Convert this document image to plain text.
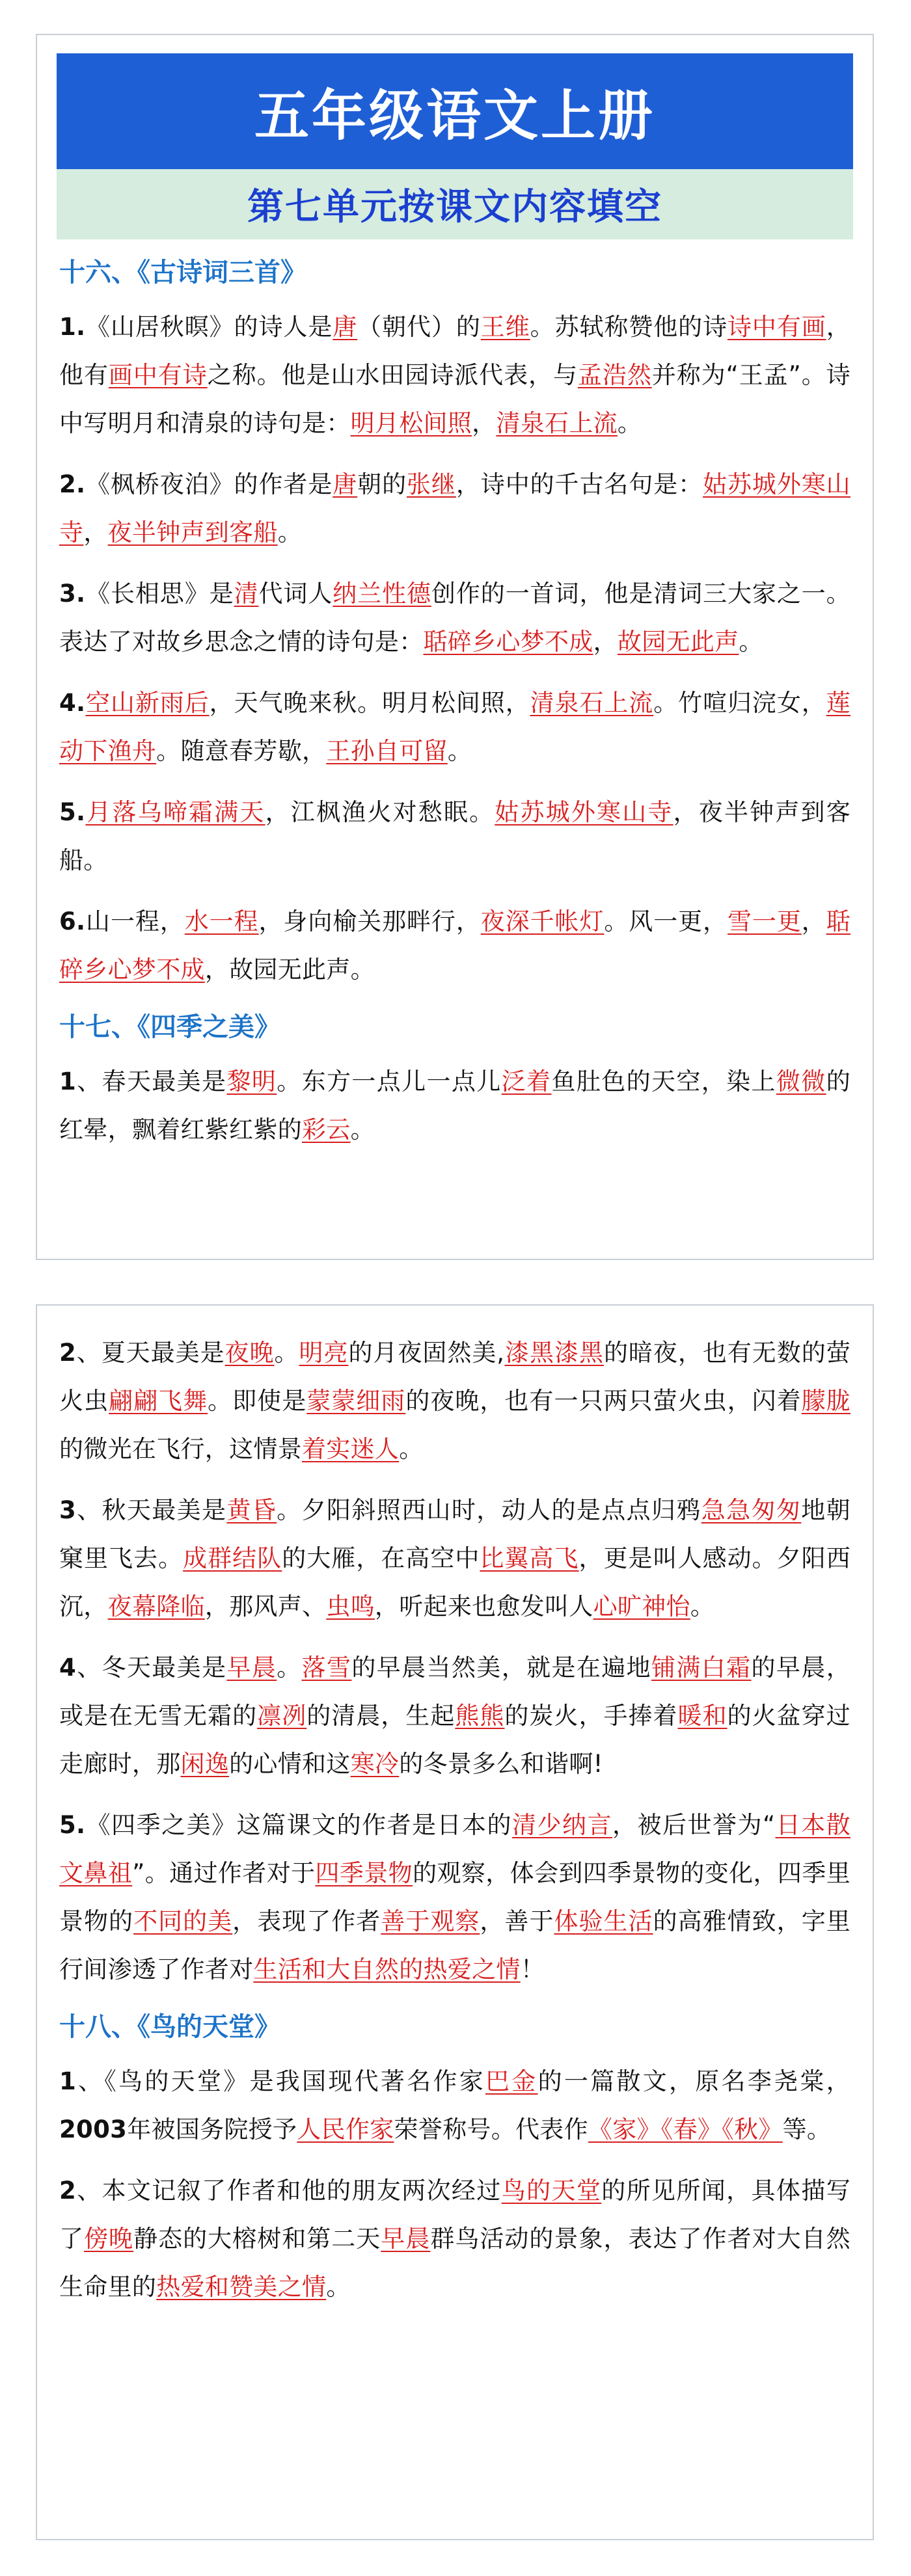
五年级语文上册
第七单元按课文内容填空
十六、《古诗词三首》

1.《山居秋暝》的诗人是唐（朝代）的王维。苏轼称赞他的诗诗中有画，他有画中有诗之称。他是山水田园诗派代表，与孟浩然并称为“王孟”。诗中写明月和清泉的诗句是：明月松间照，清泉石上流。

2.《枫桥夜泊》的作者是唐朝的张继，诗中的千古名句是：姑苏城外寒山寺，夜半钟声到客船。

3.《长相思》是清代词人纳兰性德创作的一首词，他是清词三大家之一。表达了对故乡思念之情的诗句是：聒碎乡心梦不成，故园无此声。

4.空山新雨后，天气晚来秋。明月松间照，清泉石上流。竹喧归浣女，莲动下渔舟。随意春芳歇，王孙自可留。

5.月落乌啼霜满天，江枫渔火对愁眠。姑苏城外寒山寺，夜半钟声到客船。

6.山一程，水一程，身向榆关那畔行，夜深千帐灯。风一更，雪一更，聒碎乡心梦不成，故园无此声。

十七、《四季之美》

1、春天最美是黎明。东方一点儿一点儿泛着鱼肚色的天空，染上微微的红晕，飘着红紫红紫的彩云。

2、夏天最美是夜晚。明亮的月夜固然美,漆黑漆黑的暗夜，也有无数的萤火虫翩翩飞舞。即使是蒙蒙细雨的夜晚，也有一只两只萤火虫，闪着朦胧的微光在飞行，这情景着实迷人。

3、秋天最美是黄昏。夕阳斜照西山时，动人的是点点归鸦急急匆匆地朝窠里飞去。成群结队的大雁，在高空中比翼高飞，更是叫人感动。夕阳西沉，夜幕降临，那风声、虫鸣，听起来也愈发叫人心旷神怡。

4、冬天最美是早晨。落雪的早晨当然美，就是在遍地铺满白霜的早晨，或是在无雪无霜的凛冽的清晨，生起熊熊的炭火，手捧着暖和的火盆穿过走廊时，那闲逸的心情和这寒冷的冬景多么和谐啊!

5.《四季之美》这篇课文的作者是日本的清少纳言，被后世誉为“日本散文鼻祖”。通过作者对于四季景物的观察，体会到四季景物的变化，四季里景物的不同的美，表现了作者善于观察，善于体验生活的高雅情致，字里行间渗透了作者对生活和大自然的热爱之情！

十八、《鸟的天堂》

1、《鸟的天堂》是我国现代著名作家巴金的一篇散文，原名李尧棠，2003年被国务院授予人民作家荣誉称号。代表作《家》《春》《秋》等。

2、本文记叙了作者和他的朋友两次经过鸟的天堂的所见所闻，具体描写了傍晚静态的大榕树和第二天早晨群鸟活动的景象，表达了作者对大自然生命里的热爱和赞美之情。
